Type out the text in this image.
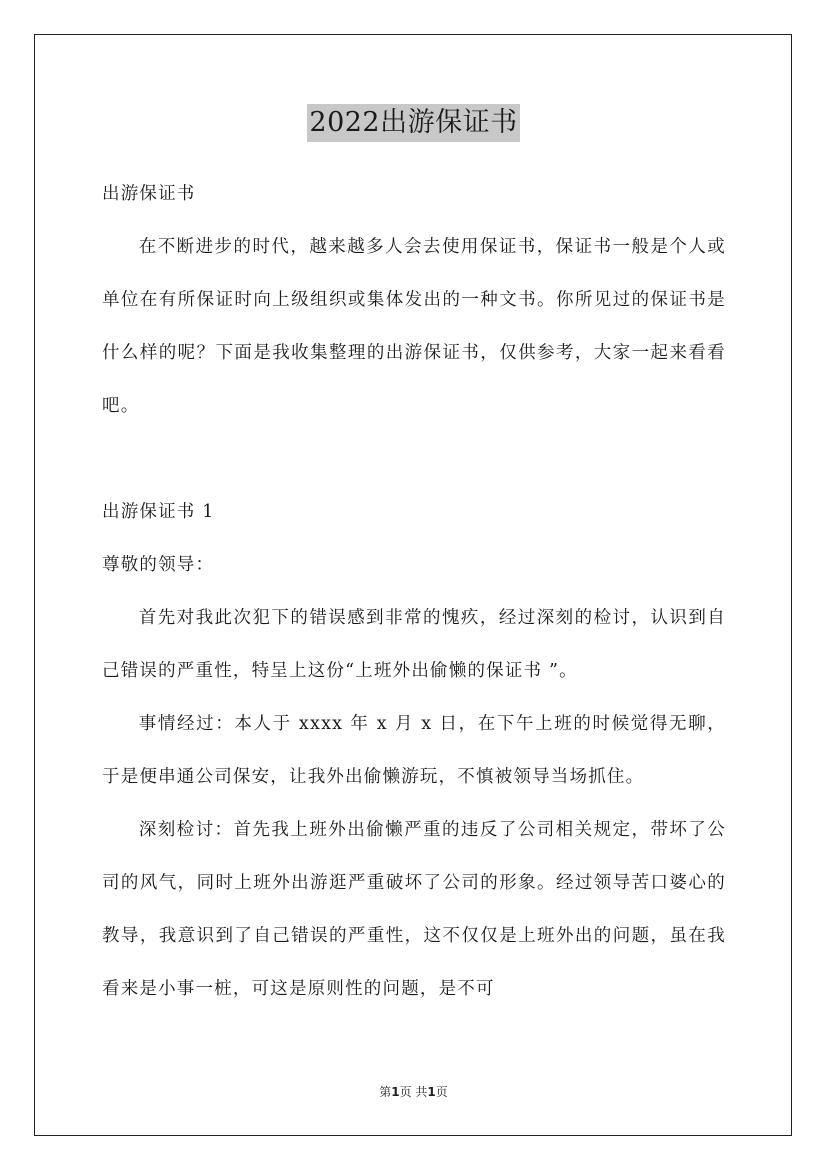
2022出游保证书

出游保证书

在不断进步的时代，越来越多人会去使用保证书，保证书一般是个人或单位在有所保证时向上级组织或集体发出的一种文书。你所见过的保证书是什么样的呢？下面是我收集整理的出游保证书，仅供参考，大家一起来看看吧。

出游保证书 1

尊敬的领导：

首先对我此次犯下的错误感到非常的愧疚，经过深刻的检讨，认识到自己错误的严重性，特呈上这份“上班外出偷懒的保证书 ”。

事情经过：本人于 xxxx 年 x 月 x 日，在下午上班的时候觉得无聊，于是便串通公司保安，让我外出偷懒游玩，不慎被领导当场抓住。

深刻检讨：首先我上班外出偷懒严重的违反了公司相关规定，带坏了公司的风气，同时上班外出游逛严重破坏了公司的形象。经过领导苦口婆心的教导，我意识到了自己错误的严重性，这不仅仅是上班外出的问题，虽在我看来是小事一桩，可这是原则性的问题，是不可

第1页 共1页
